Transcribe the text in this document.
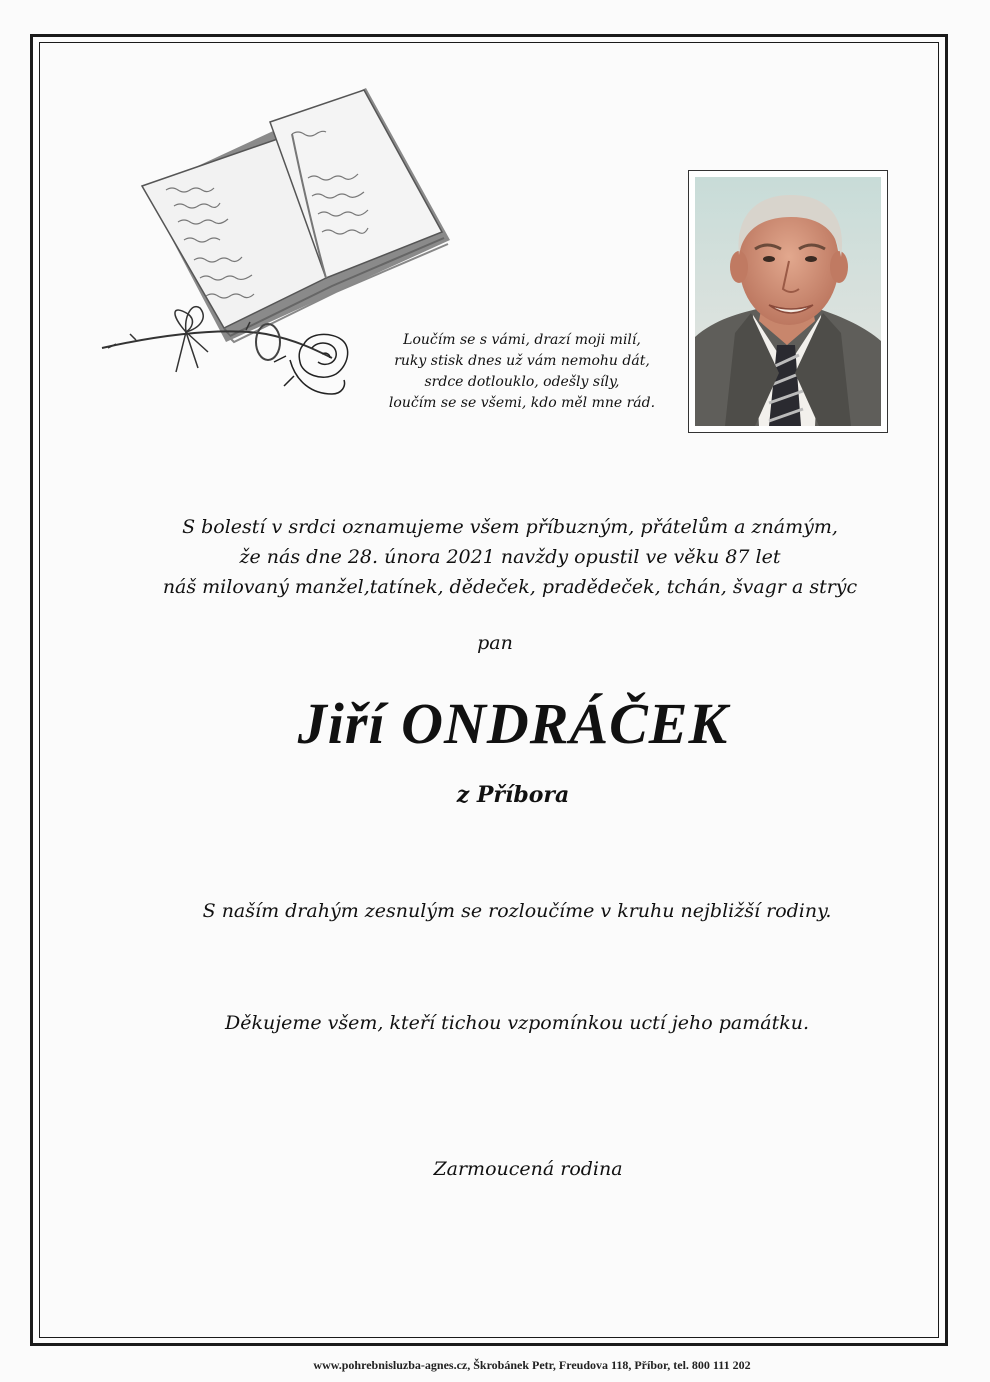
Loučím se s vámi, drazí moji milí,
ruky stisk dnes už vám nemohu dát,
srdce dotlouklo, odešly síly,
loučím se se všemi, kdo měl mne rád.
S bolestí v srdci oznamujeme všem příbuzným, přátelům a známým,
že nás dne 28. února 2021 navždy opustil ve věku 87 let
náš milovaný manžel,tatínek, dědeček, pradědeček, tchán, švagr a strýc
pan
Jiří ONDRÁČEK
z Příbora
S naším drahým zesnulým se rozloučíme v kruhu nejbližší rodiny.
Děkujeme všem, kteří tichou vzpomínkou uctí jeho památku.
Zarmoucená rodina
www.pohrebnisluzba-agnes.cz, Škrobánek Petr, Freudova 118, Příbor, tel. 800 111 202
